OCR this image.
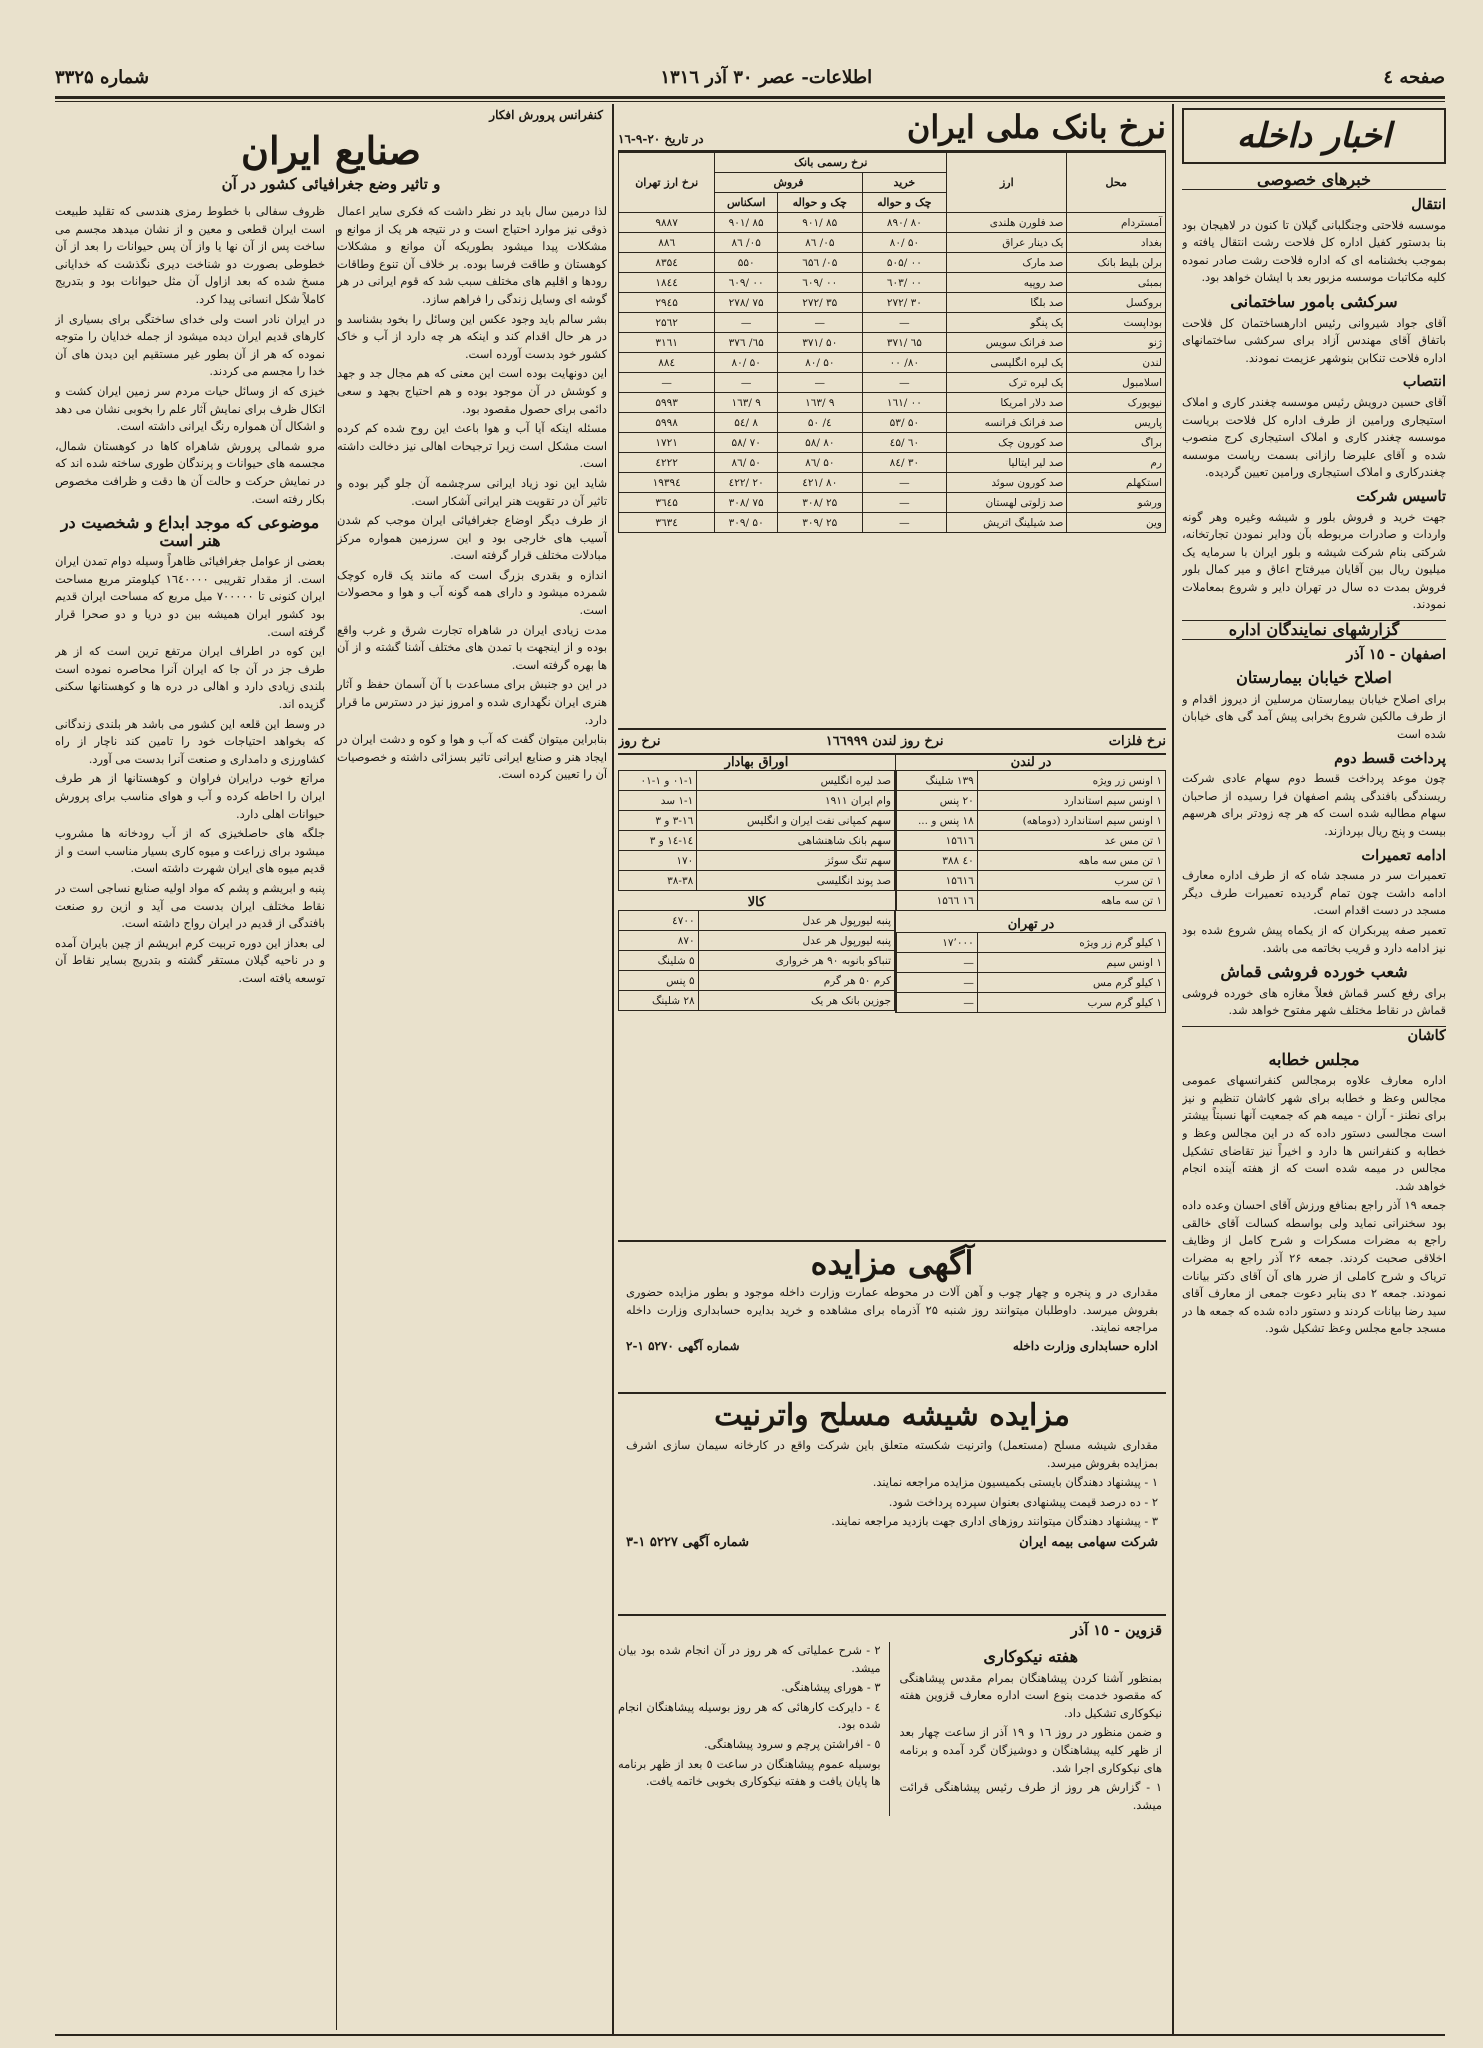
صفحه ٤
اطلاعات- عصر ۳۰ آذر ۱۳۱٦
شماره ۳۳۲۵
اخبار داخله
خبرهای خصوصی
انتقال

موسسه فلاحتی وجنگلبانی گیلان تا کنون در لاهیجان بود بنا بدستور کفیل اداره کل فلاحت رشت انتقال یافته و بموجب بخشنامه ای که اداره فلاحت رشت صادر نموده کلیه مکاتبات موسسه مزبور بعد با ایشان خواهد بود.

سرکشی بامور ساختمانی

آقای جواد شیروانی رئیس ادارهساختمان کل فلاحت باتفاق آقای مهندس آزاد برای سرکشی ساختمانهای اداره فلاحت تنکابن بنوشهر عزیمت نمودند.

انتصاب

آقای حسین درویش رئیس موسسه چغندر کاری و املاک استیجاری ورامین از طرف اداره کل فلاحت بریاست موسسه چغندر کاری و املاک استیجاری کرج منصوب شده و آقای علیرضا رازانی بسمت ریاست موسسه چغندرکاری و املاک استیجاری ورامین تعیین گردیده.

تاسیس شرکت

جهت خرید و فروش بلور و شیشه وغیره وهر گونه واردات و صادرات مربوطه بآن ودایر نمودن تجارتخانه، شرکتی بنام شرکت شیشه و بلور ایران با سرمایه یک میلیون ریال بین آقایان میرفتاح اعاق و میر کمال بلور فروش بمدت ده سال در تهران دایر و شروع بمعاملات نمودند.

گزارشهای نمایندگان اداره
اصفهان - ١٥ آذر
اصلاح خیابان بیمارستان

برای اصلاح خیابان بیمارستان مرسلین از دیروز اقدام و از طرف مالکین شروع بخرابی پیش آمد گی های خیابان شده است

پرداخت قسط دوم

چون موعد پرداخت قسط دوم سهام عادی شرکت ریسندگی بافندگی پشم اصفهان فرا رسیده از صاحبان سهام مطالبه شده است که هر چه زودتر برای هرسهم بیست و پنج ریال بپردازند.

ادامه تعمیرات

تعمیرات سر در مسجد شاه که از طرف اداره معارف ادامه داشت چون تمام گردیده تعمیرات طرف دیگر مسجد در دست اقدام است.

تعمیر صفه پیربکران که از یکماه پیش شروع شده بود نیز ادامه دارد و قریب بخاتمه می باشد.

شعب خورده فروشی قماش

برای رفع کسر قماش فعلاً مغازه های خورده فروشی قماش در نقاط مختلف شهر مفتوح خواهد شد.

کاشان
مجلس خطابه

اداره معارف علاوه برمجالس کنفرانسهای عمومی مجالس وعظ و خطابه برای شهر کاشان تنظیم و نیز برای نطنز - آران - میمه هم که جمعیت آنها نسبتاً بیشتر است مجالسی دستور داده که در این مجالس وعظ و خطابه و کنفرانس ها دارد و اخیراً نیز تقاضای تشکیل مجالس در میمه شده است که از هفته آینده انجام خواهد شد.

جمعه ۱۹ آذر راجع بمنافع ورزش آقای احسان وعده داده بود سخنرانی نماید ولی بواسطه کسالت آقای خالقی راجع به مضرات مسکرات و شرح کامل از وظایف اخلاقی صحبت کردند. جمعه ۲۶ آذر راجع به مضرات تریاک و شرح کاملی از ضرر های آن آقای دکتر بیانات نمودند. جمعه ۲ دی بنابر دعوت جمعی از معارف آقای سید رضا بیانات کردند و دستور داده شده که جمعه ها در مسجد جامع مجلس وعظ تشکیل شود.

نرخ بانک ملی ایران
در تاریخ ۲۰-۹-۱٦
محل	ارز	نرخ رسمی بانک			نرخ ارز تهران
		خرید	فروش		
		چک و حواله	چک و حواله	اسکناس	
آمستردام	صد فلورن هلندی	۸۹٠/ ۸٠	۹٠۱/ ۸۵	۹٠۱/ ۸۵	۹۸۸۷
بغداد	یک دینار عراق	۸٠/ ۵٠	۸٠/ ٦۵	۸٠/ ٦۵	۸۸٦
برلن بلیط بانک	صد مارک	۵٠۵/ ٠٠	٦۵٠/ ٦۵	۵۵۰	۸۳۵٤
بمبئی	صد روپیه	٦٠۳/ ٠٠	٦٠۹/ ٠٠	٦٠۹/ ٠٠	۱۸٤٤
بروکسل	صد بلگا	۲۷۲/ ۳٠	۲۷۲/ ۳۵	۲۷۸/ ۷۵	۲۹٤۵
بوداپست	یک پنگو	—	—	—	۲۵٦۲
ژنو	صد فرانک سویس	۳۷۱/ ٦۵	۳۷۱/ ۵٠	۳۷٦/ ٦۵	۳۱٦۱
لندن	یک لیره انگلیسی	٨٠/ ٠٠	٨٠/ ۵٠	٨٠/ ۵٠	۸۸٤
اسلامبول	یک لیره ترک	—	—	—	—
نیویورک	صد دلار امریکا	۱٦۱/ ٠٠	۱٦۳/ ۹	۱٦۳/ ۹	۵۹۹۳
پاریس	صد فرانک فرانسه	۵۳/ ۵٠	۵٤/ ٠	۵٤/ ۸	۵۹۹۸
براگ	صد کورون چک	٤۵/ ٦٠	۵۸/ ۸٠	۵۸/ ۷٠	۱۷۲۱
رم	صد لیر ایتالیا	۸٤/ ۳٠	۸٦/ ۵٠	۸٦/ ۵٠	٤۲۲۲
استکهلم	صد کورون سوئد	—	٤۲۱/ ۸٠	٤۲۲/ ۲٠	۱۹۳۹٤
ورشو	صد زلوتی لهستان	—	۳٠۸/ ۲۵	۳٠۸/ ۷۵	۳٦٤۵
وین	صد شیلینگ اتریش	—	۳٠۹/ ۲۵	۳٠۹/ ۵٠	۳٦۳٤
نرخ فلزات
نرخ روز لندن ١٦٦٩۹۹
نرخ روز
در لندن
۱ اونس زر ویژه	۱۳۹ شلینگ
۱ اونس سیم استاندارد	۲٠ پنس
۱ اونس سیم استاندارد (دوماهه)	۱۸ پنس و ...
۱ تن مس عد	۱۵٦۱٦
۱ تن مس سه ماهه	٤٠ ۳۸۸
۱ تن سرب	۱۵٦۱٦
۱ تن سه ماهه	۱٦ ۱۵٦٦
در تهران
۱ کیلو گرم زر ویژه	۱۷٬٠٠٠
۱ اونس سیم	—
۱ کیلو گرم مس	—
۱ کیلو گرم سرب	—
اوراق بهادار
صد لیره انگلیس	١-٠١ و ١-٠١
وام ایران ۱۹۱۱	١-١ سد
سهم کمپانی نفت ایران و انگلیس	۳-۱٦ و ۳
سهم بانک شاهنشاهی	۱٤-١٤ و ۳
سهم تنگ سوئز	۱۷٠
صد پوند انگلیسی	۳۸-۳۸
کالا
پنبه لیورپول هر عدل	٤۷٠٠
پنبه لیورپول هر عدل	۸۷٠
تنباکو بانوبه ۹٠ هر خرواری	۵ شلینگ
کرم ۵٠ هر گرم	۵ پنس
جوزین بانک هر یک	۲۸ شلینگ
آگهی مزایده
مقداری در و پنجره و چهار چوب و آهن آلات در محوطه عمارت وزارت داخله موجود و بطور مزایده حضوری بفروش میرسد. داوطلبان میتوانند روز شنبه ۲۵ آذرماه برای مشاهده و خرید بدایره حسابداری وزارت داخله مراجعه نمایند.
اداره حسابداری وزارت داخله
شماره آگهی ۵۲۷٠ ١-٢
مزایده شیشه مسلح واترنیت

مقداری شیشه مسلح (مستعمل) واترنیت شکسته متعلق باین شرکت واقع در کارخانه سیمان سازی اشرف بمزایده بفروش میرسد.

١ - پیشنهاد دهندگان بایستی بکمیسیون مزایده مراجعه نمایند.

٢ - ده درصد قیمت پیشنهادی بعنوان سپرده پرداخت شود.

٣ - پیشنهاد دهندگان میتوانند روزهای اداری جهت بازدید مراجعه نمایند.

شرکت سهامی بیمه ایران
شماره آگهی ۵۲۲۷ ١-٣
قزوین - ١٥ آذر
هفته نیکوکاری

بمنظور آشنا کردن پیشاهنگان بمرام مقدس پیشاهنگی که مقصود خدمت بنوع است اداره معارف قزوین هفته نیکوکاری تشکیل داد.

و ضمن منظور در روز ١٦ و ١٩ آذر از ساعت چهار بعد از ظهر کلیه پیشاهنگان و دوشیزگان گرد آمده و برنامه های نیکوکاری اجرا شد.

١ - گزارش هر روز از طرف رئیس پیشاهنگی قرائت میشد.

٢ - شرح عملیاتی که هر روز در آن انجام شده بود بیان میشد.

٣ - هورای پیشاهنگی.

٤ - دایرکت کارهائی که هر روز بوسیله پیشاهنگان انجام شده بود.

٥ - افراشتن پرچم و سرود پیشاهنگی.

بوسیله عموم پیشاهنگان در ساعت ٥ بعد از ظهر برنامه ها پایان یافت و هفته نیکوکاری بخوبی خاتمه یافت.

کنفرانس پرورش افکار
صنایع ایران
و تاثیر وضع جغرافیائی کشور در آن

لذا درمین سال باید در نظر داشت که فکری سایر اعمال ذوقی نیز موارد احتیاج است و در نتیجه هر یک از موانع و مشکلات پیدا میشود بطوریکه آن موانع و مشکلات کوهستان و طاقت فرسا بوده. بر خلاف آن تنوع وطاقات رودها و اقلیم های مختلف سبب شد که قوم ایرانی در هر گوشه ای وسایل زندگی را فراهم سازد.

بشر سالم باید وجود عکس این وسائل را بخود بشناسد و در هر حال اقدام کند و اینکه هر چه دارد از آب و خاک کشور خود بدست آورده است.

این دونهایت بوده است این معنی که هم مجال جد و جهد و کوشش در آن موجود بوده و هم احتیاج بجهد و سعی دائمی برای حصول مقصود بود.

مسئله اینکه آیا آب و هوا باعث این روح شده کم کرده است مشکل است زیرا ترجیحات اهالی نیز دخالت داشته است.

شاید این نود زیاد ایرانی سرچشمه آن جلو گیر بوده و تاثیر آن در تقویت هنر ایرانی آشکار است.

از طرف دیگر اوضاع جغرافیائی ایران موجب کم شدن آسیب های خارجی بود و این سرزمین همواره مرکز مبادلات مختلف قرار گرفته است.

اندازه و بقدری بزرگ است که مانند یک قاره کوچک شمرده میشود و دارای همه گونه آب و هوا و محصولات است.

مدت زیادی ایران در شاهراه تجارت شرق و غرب واقع بوده و از اینجهت با تمدن های مختلف آشنا گشته و از آن ها بهره گرفته است.

در این دو جنبش برای مساعدت با آن آسمان حفظ و آثار هنری ایران نگهداری شده و امروز نیز در دسترس ما قرار دارد.

بنابراین میتوان گفت که آب و هوا و کوه و دشت ایران در ایجاد هنر و صنایع ایرانی تاثیر بسزائی داشته و خصوصیات آن را تعیین کرده است.

ظروف سفالی با خطوط رمزی هندسی که تقلید طبیعت است ایران قطعی و معین و از نشان میدهد مجسم می ساخت پس از آن نها یا واز آن پس حیوانات را بعد از آن خطوطی بصورت دو شناخت دیری نگذشت که خدایانی مسخ شده که بعد ازاول آن مثل حیوانات بود و بتدریج کاملاً شکل انسانی پیدا کرد.

در ایران نادر است ولی خدای ساختگی برای بسیاری از کارهای قدیم ایران دیده میشود از جمله خدایان را متوجه نموده که هر از آن بطور غیر مستقیم این دیدن های آن خدا را مجسم می کردند.

خیزی که از وسائل حیات مردم سر زمین ایران کشت و اتکال ظرف برای نمایش آثار علم را بخوبی نشان می دهد و اشکال آن همواره رنگ ایرانی داشته است.

مرو شمالی پرورش شاهراه کاها در کوهستان شمال، مجسمه های حیوانات و پرندگان طوری ساخته شده اند که در نمایش حرکت و حالت آن ها دقت و ظرافت مخصوص بکار رفته است.

موضوعی که موجد ابداع و شخصیت در هنر است

بعضی از عوامل جغرافیائی ظاهراً وسیله دوام تمدن ایران است. از مقدار تقریبی ۱٦٤٠٠٠٠ کیلومتر مربع مساحت ایران کنونی تا ۷٠٠٠٠٠ میل مربع که مساحت ایران قدیم بود کشور ایران همیشه بین دو دریا و دو صحرا قرار گرفته است.

این کوه در اطراف ایران مرتفع ترین است که از هر طرف جز در آن جا که ایران آنرا محاصره نموده است بلندی زیادی دارد و اهالی در دره ها و کوهستانها سکنی گزیده اند.

در وسط این قلعه این کشور می باشد هر بلندی زندگانی که بخواهد احتیاجات خود را تامین کند ناچار از راه کشاورزی و دامداری و صنعت آنرا بدست می آورد.

مراتع خوب درایران فراوان و کوهستانها از هر طرف ایران را احاطه کرده و آب و هوای مناسب برای پرورش حیوانات اهلی دارد.

جلگه های حاصلخیزی که از آب رودخانه ها مشروب میشود برای زراعت و میوه کاری بسیار مناسب است و از قدیم میوه های ایران شهرت داشته است.

پنبه و ابریشم و پشم که مواد اولیه صنایع نساجی است در نقاط مختلف ایران بدست می آید و ازین رو صنعت بافندگی از قدیم در ایران رواج داشته است.

لی بعداز این دوره تربیت کرم ابریشم از چین بایران آمده و در ناحیه گیلان مستقر گشته و بتدریج بسایر نقاط آن توسعه یافته است.
